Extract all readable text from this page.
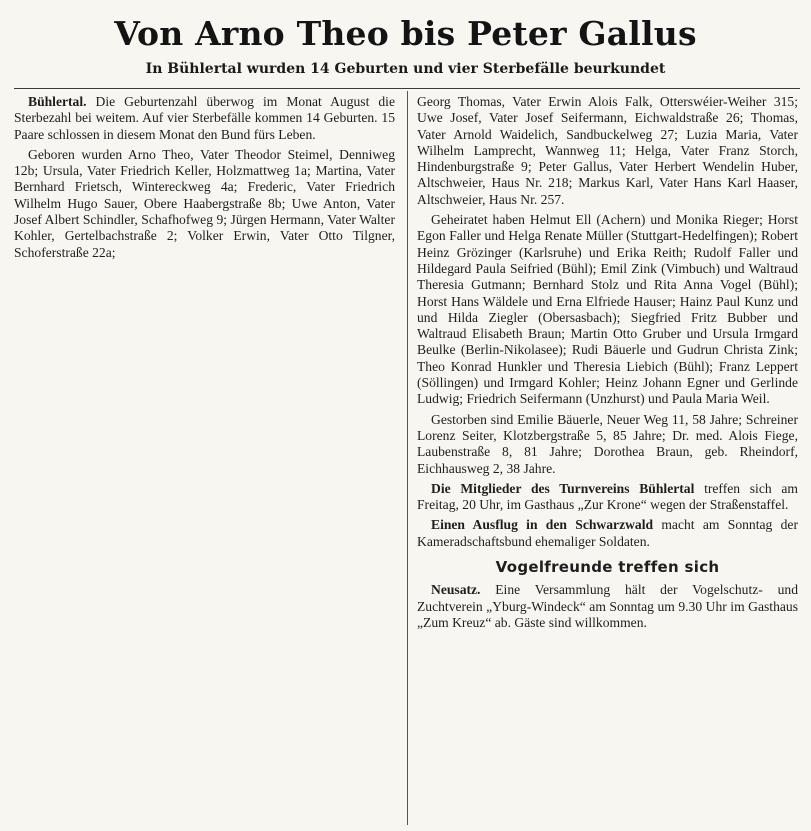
Von Arno Theo bis Peter Gallus
In Bühlertal wurden 14 Geburten und vier Sterbefälle beurkundet

Bühlertal. Die Geburtenzahl überwog im Monat August die Sterbezahl bei weitem. Auf vier Sterbefälle kommen 14 Geburten. 15 Paare schlossen in diesem Monat den Bund fürs Leben.

Geboren wurden Arno Theo, Vater Theodor Steimel, Denniweg 12b; Ursula, Vater Friedrich Keller, Holzmattweg 1a; Martina, Vater Bernhard Frietsch, Wintereckweg 4a; Frederic, Vater Friedrich Wilhelm Hugo Sauer, Obere Haabergstraße 8b; Uwe Anton, Vater Josef Albert Schindler, Schafhofweg 9; Jürgen Hermann, Vater Walter Kohler, Gertelbachstraße 2; Volker Erwin, Vater Otto Tilgner, Schoferstraße 22a;

Georg Thomas, Vater Erwin Alois Falk, Otterswéier-Weiher 315; Uwe Josef, Vater Josef Seifermann, Eichwaldstraße 26; Thomas, Vater Arnold Waidelich, Sandbuckelweg 27; Luzia Maria, Vater Wilhelm Lamprecht, Wannweg 11; Helga, Vater Franz Storch, Hindenburgstraße 9; Peter Gallus, Vater Herbert Wendelin Huber, Altschweier, Haus Nr. 218; Markus Karl, Vater Hans Karl Haaser, Altschweier, Haus Nr. 257.

Geheiratet haben Helmut Ell (Achern) und Monika Rieger; Horst Egon Faller und Helga Renate Müller (Stuttgart-Hedelfingen); Robert Heinz Grözinger (Karlsruhe) und Erika Reith; Rudolf Faller und Hildegard Paula Seifried (Bühl); Emil Zink (Vimbuch) und Waltraud Theresia Gutmann; Bernhard Stolz und Rita Anna Vogel (Bühl); Horst Hans Wäldele und Erna Elfriede Hauser; Hainz Paul Kunz und und Hilda Ziegler (Obersasbach); Siegfried Fritz Bubber und Waltraud Elisabeth Braun; Martin Otto Gruber und Ursula Irmgard Beulke (Berlin-Nikolasee); Rudi Bäuerle und Gudrun Christa Zink; Theo Konrad Hunkler und Theresia Liebich (Bühl); Franz Leppert (Söllingen) und Irmgard Kohler; Heinz Johann Egner und Gerlinde Ludwig; Friedrich Seifermann (Unzhurst) und Paula Maria Weil.

Gestorben sind Emilie Bäuerle, Neuer Weg 11, 58 Jahre; Schreiner Lorenz Seiter, Klotzbergstraße 5, 85 Jahre; Dr. med. Alois Fiege, Laubenstraße 8, 81 Jahre; Dorothea Braun, geb. Rheindorf, Eichhausweg 2, 38 Jahre.

Die Mitglieder des Turnvereins Bühlertal treffen sich am Freitag, 20 Uhr, im Gasthaus „Zur Krone“ wegen der Straßenstaffel.

Einen Ausflug in den Schwarzwald macht am Sonntag der Kameradschaftsbund ehemaliger Soldaten.

Vogelfreunde treffen sich

Neusatz. Eine Versammlung hält der Vogelschutz- und Zuchtverein „Yburg-Windeck“ am Sonntag um 9.30 Uhr im Gasthaus „Zum Kreuz“ ab. Gäste sind willkommen.
